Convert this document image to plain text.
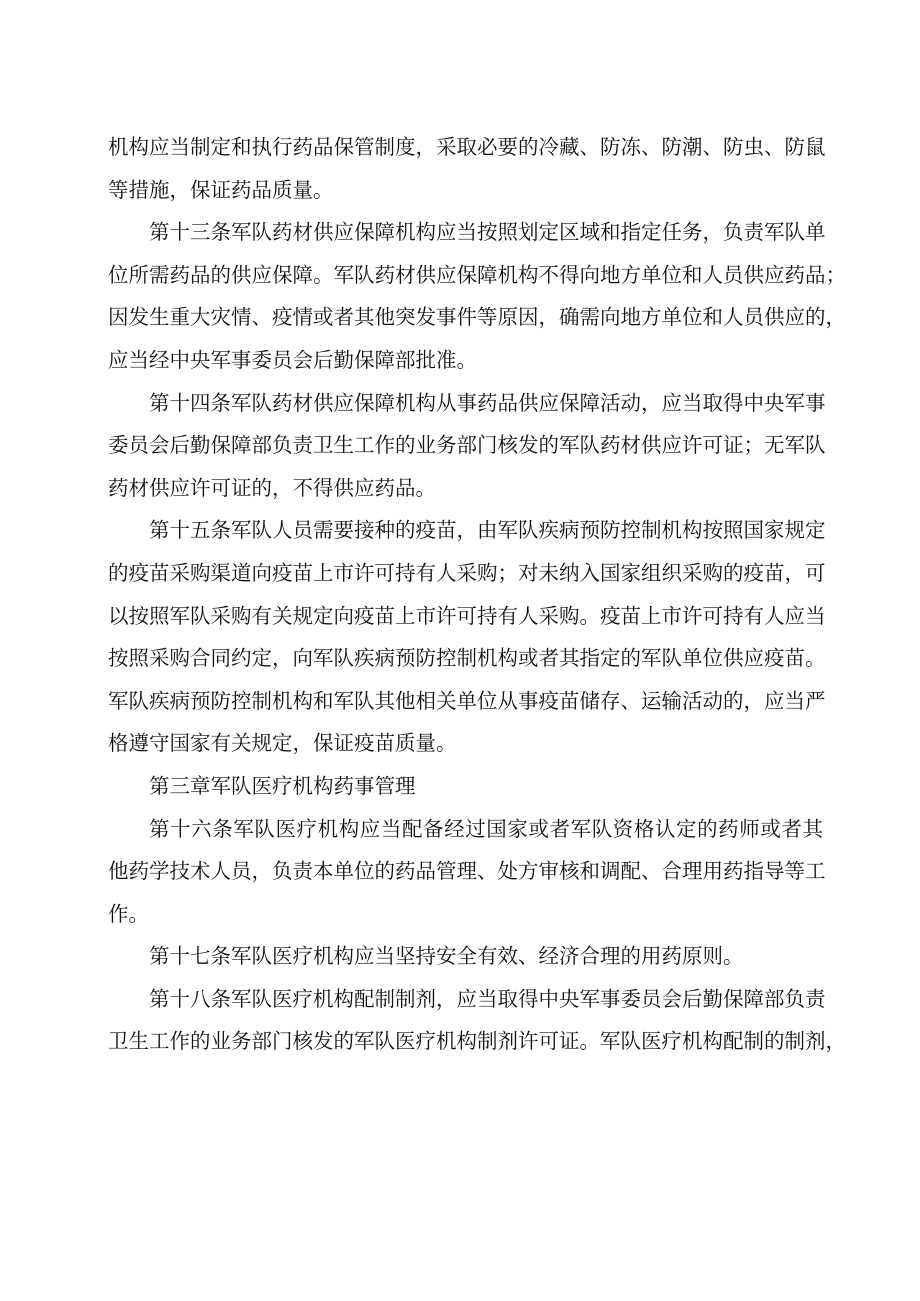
机构应当制定和执行药品保管制度，采取必要的冷藏、防冻、防潮、防虫、防鼠
等措施，保证药品质量。
第十三条军队药材供应保障机构应当按照划定区域和指定任务，负责军队单
位所需药品的供应保障。军队药材供应保障机构不得向地方单位和人员供应药品；
因发生重大灾情、疫情或者其他突发事件等原因，确需向地方单位和人员供应的，
应当经中央军事委员会后勤保障部批准。
第十四条军队药材供应保障机构从事药品供应保障活动，应当取得中央军事
委员会后勤保障部负责卫生工作的业务部门核发的军队药材供应许可证；无军队
药材供应许可证的，不得供应药品。
第十五条军队人员需要接种的疫苗，由军队疾病预防控制机构按照国家规定
的疫苗采购渠道向疫苗上市许可持有人采购；对未纳入国家组织采购的疫苗，可
以按照军队采购有关规定向疫苗上市许可持有人采购。疫苗上市许可持有人应当
按照采购合同约定，向军队疾病预防控制机构或者其指定的军队单位供应疫苗。
军队疾病预防控制机构和军队其他相关单位从事疫苗储存、运输活动的，应当严
格遵守国家有关规定，保证疫苗质量。
第三章军队医疗机构药事管理
第十六条军队医疗机构应当配备经过国家或者军队资格认定的药师或者其
他药学技术人员，负责本单位的药品管理、处方审核和调配、合理用药指导等工
作。
第十七条军队医疗机构应当坚持安全有效、经济合理的用药原则。
第十八条军队医疗机构配制制剂，应当取得中央军事委员会后勤保障部负责
卫生工作的业务部门核发的军队医疗机构制剂许可证。军队医疗机构配制的制剂，
